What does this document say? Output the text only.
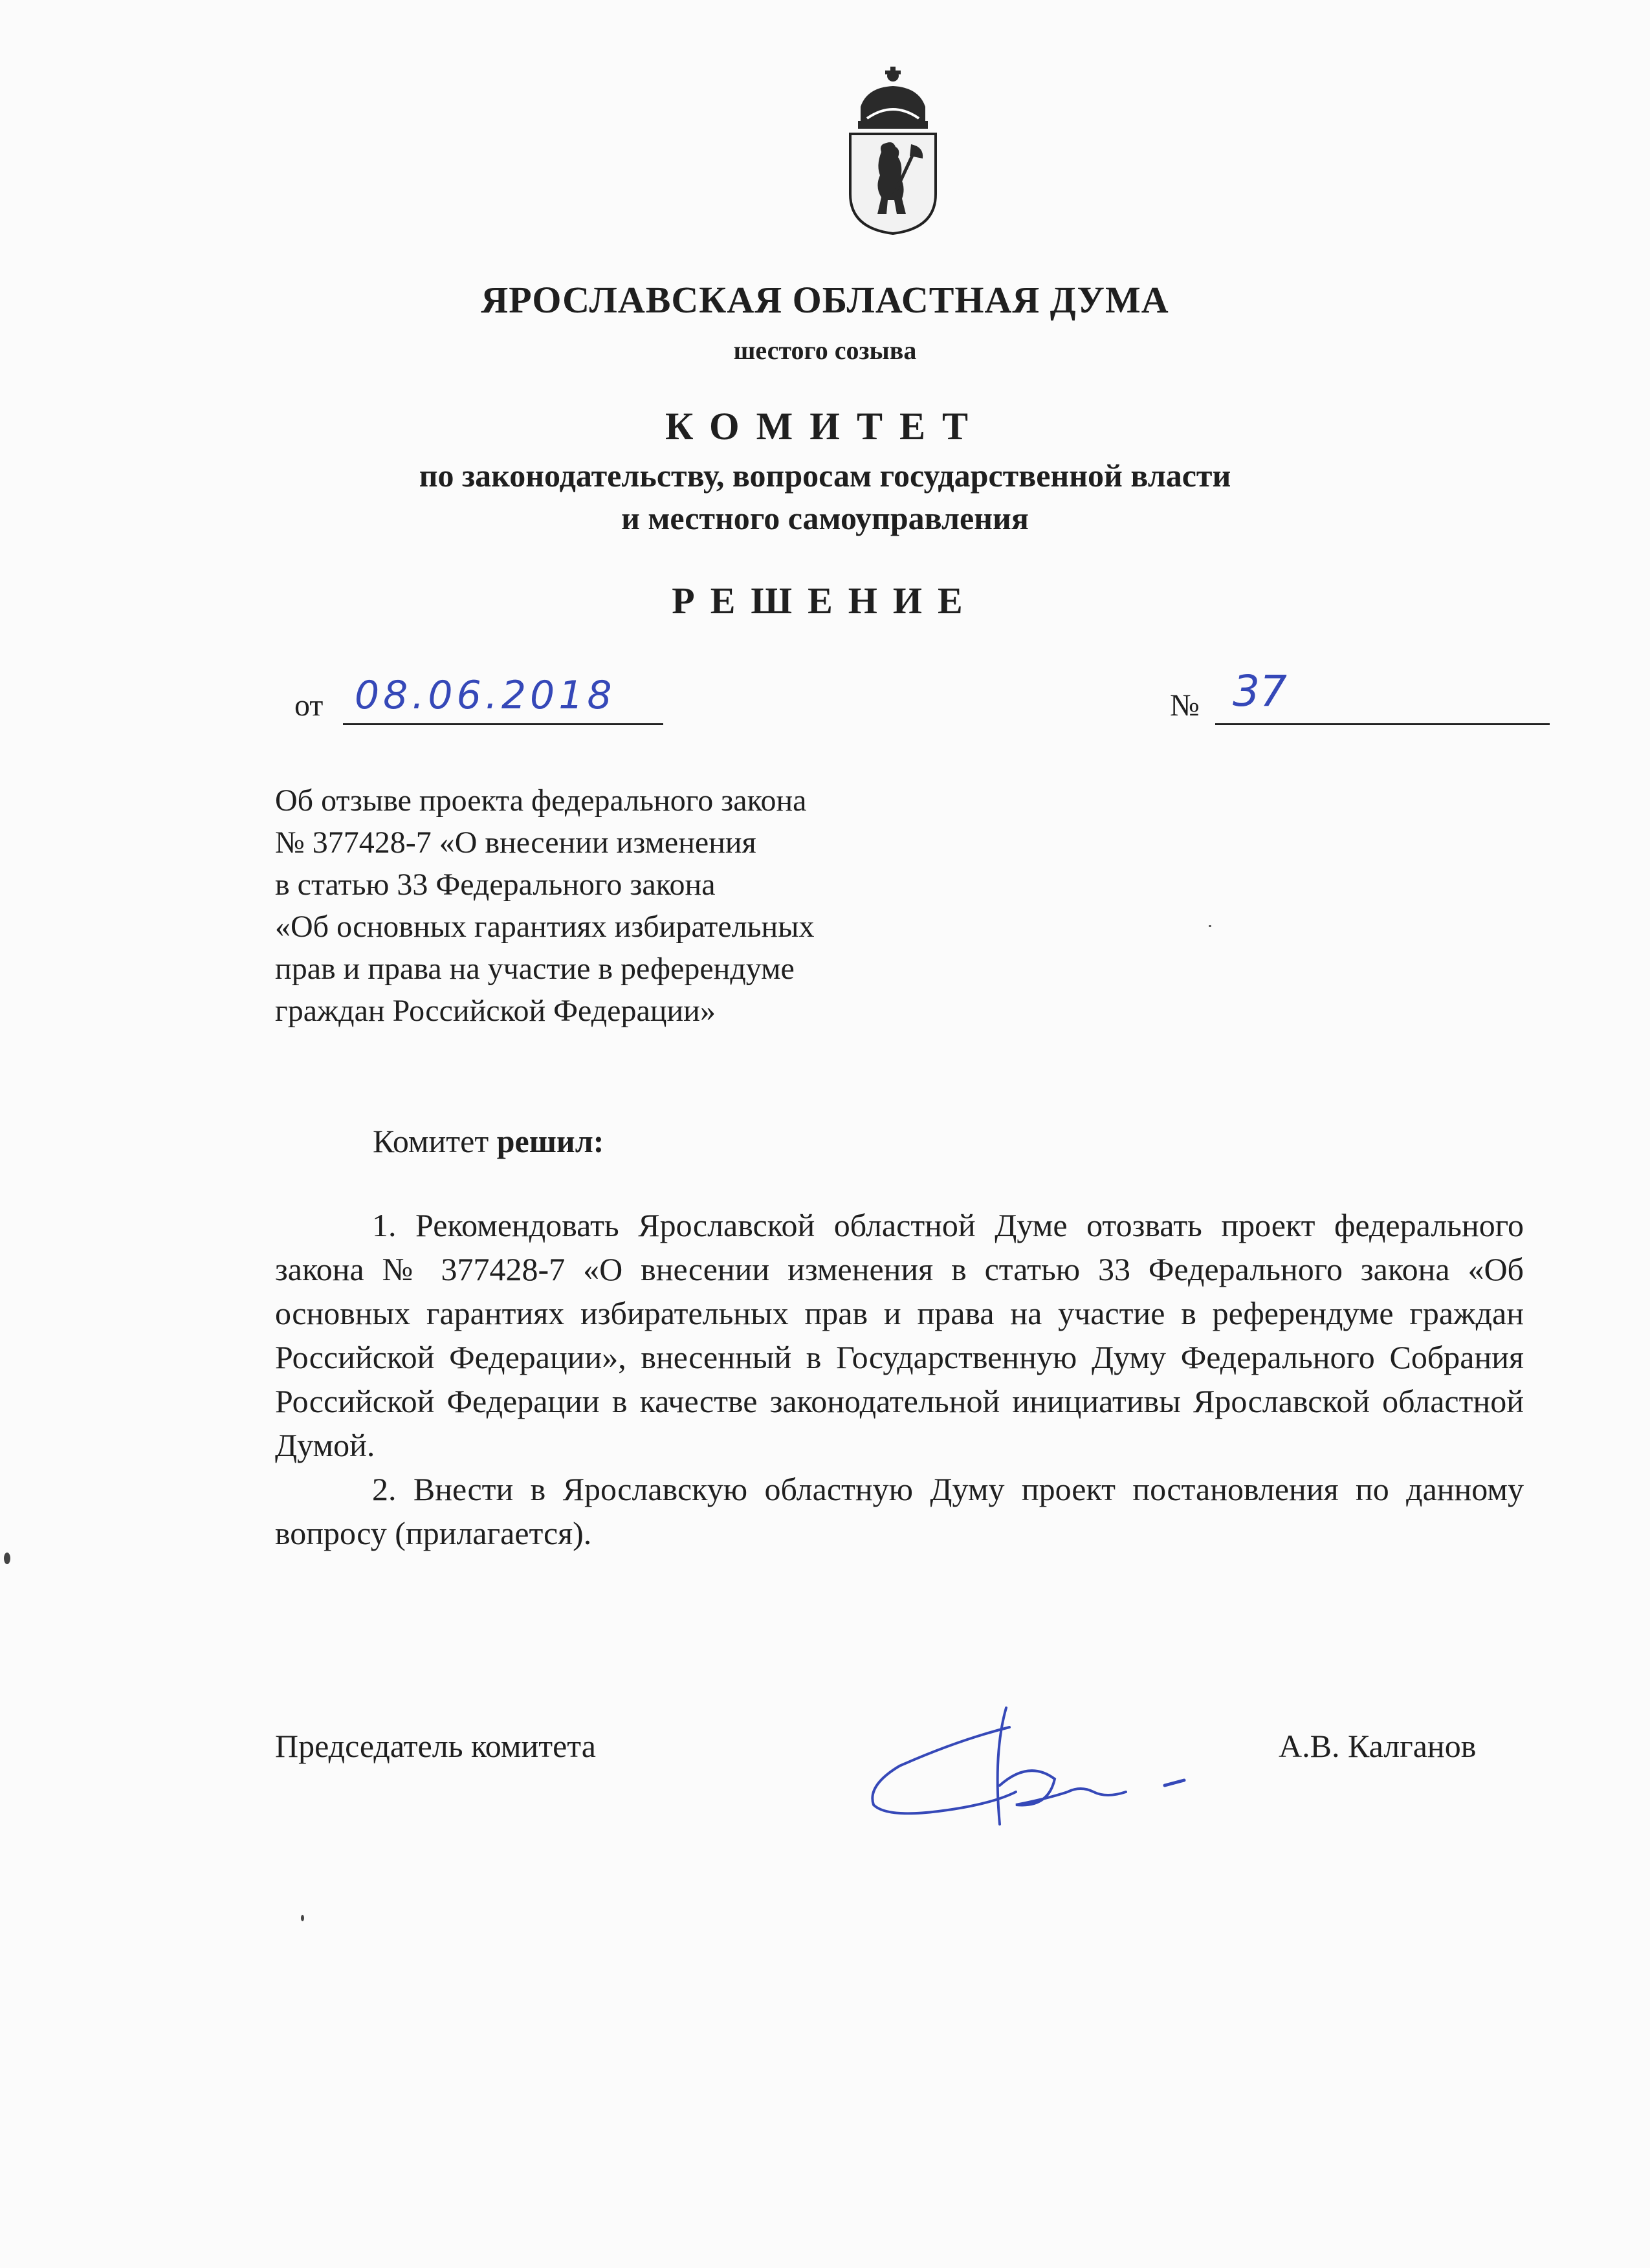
ЯРОСЛАВСКАЯ ОБЛАСТНАЯ ДУМА
шестого созыва
КОМИТЕТ
по законодательству, вопросам государственной власти
и местного самоуправления
РЕШЕНИЕ
от 08.06.2018	№ 37
Об отзыве проекта федерального закона
№ 377428-7 «О внесении изменения
в статью 33 Федерального закона
«Об основных гарантиях избирательных
прав и права на участие в референдуме
граждан Российской Федерации»
Комитет решил:

1. Рекомендовать Ярославской областной Думе отозвать проект федерального закона № 377428-7 «О внесении изменения в статью 33 Федерального закона «Об основных гарантиях избирательных прав и права на участие в референдуме граждан Российской Федерации», внесенный в Государственную Думу Федерального Собрания Российской Федерации в качестве законодательной инициативы Ярославской областной Думой.

2. Внести в Ярославскую областную Думу проект постановления по данному вопросу (прилагается).

Председатель комитета	А.В. Калганов
